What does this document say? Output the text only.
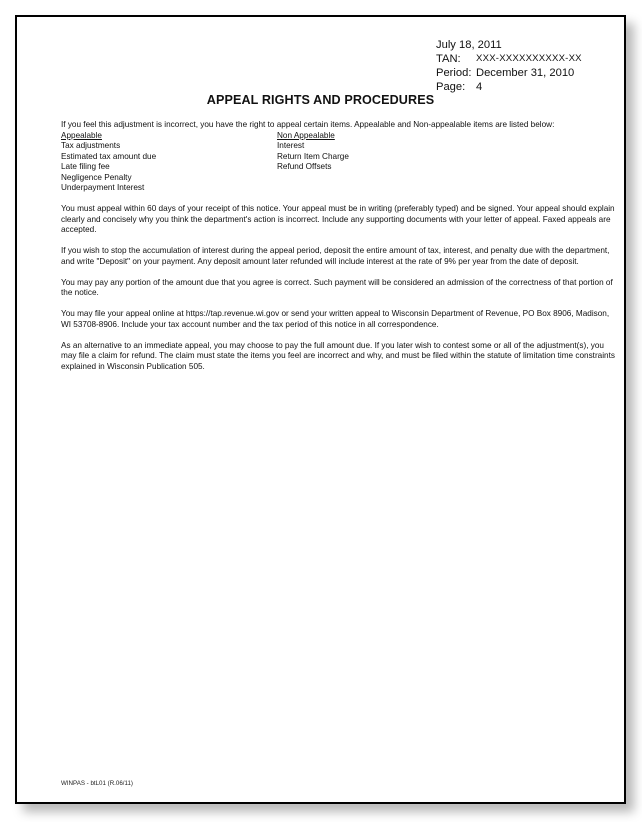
July 18, 2011
TAN:	XXX-XXXXXXXXXX-XX
Period: December 31, 2010
Page: 4
APPEAL RIGHTS AND PROCEDURES
If you feel this adjustment is incorrect, you have the right to appeal certain items. Appealable and Non-appealable items are listed below:
Appealable
Tax adjustments
Estimated tax amount due
Late filing fee
Negligence Penalty
Underpayment Interest
Non Appealable
Interest
Return Item Charge
Refund Offsets

You must appeal within 60 days of your receipt of this notice. Your appeal must be in writing (preferably typed) and be signed. Your appeal should explain clearly and concisely why you think the department's action is incorrect. Include any supporting documents with your letter of appeal. Faxed appeals are accepted.

If you wish to stop the accumulation of interest during the appeal period, deposit the entire amount of tax, interest, and penalty due with the department, and write "Deposit" on your payment. Any deposit amount later refunded will include interest at the rate of 9% per year from the date of deposit.

You may pay any portion of the amount due that you agree is correct. Such payment will be considered an admission of the correctness of that portion of the notice.

You may file your appeal online at https://tap.revenue.wi.gov or send your written appeal to Wisconsin Department of Revenue, PO Box 8906, Madison, WI 53708-8906. Include your tax account number and the tax period of this notice in all correspondence.

As an alternative to an immediate appeal, you may choose to pay the full amount due. If you later wish to contest some or all of the adjustment(s), you may file a claim for refund. The claim must state the items you feel are incorrect and why, and must be filed within the statute of limitation time constraints explained in Wisconsin Publication 505.

WINPAS - btL01 (R.06/11)
